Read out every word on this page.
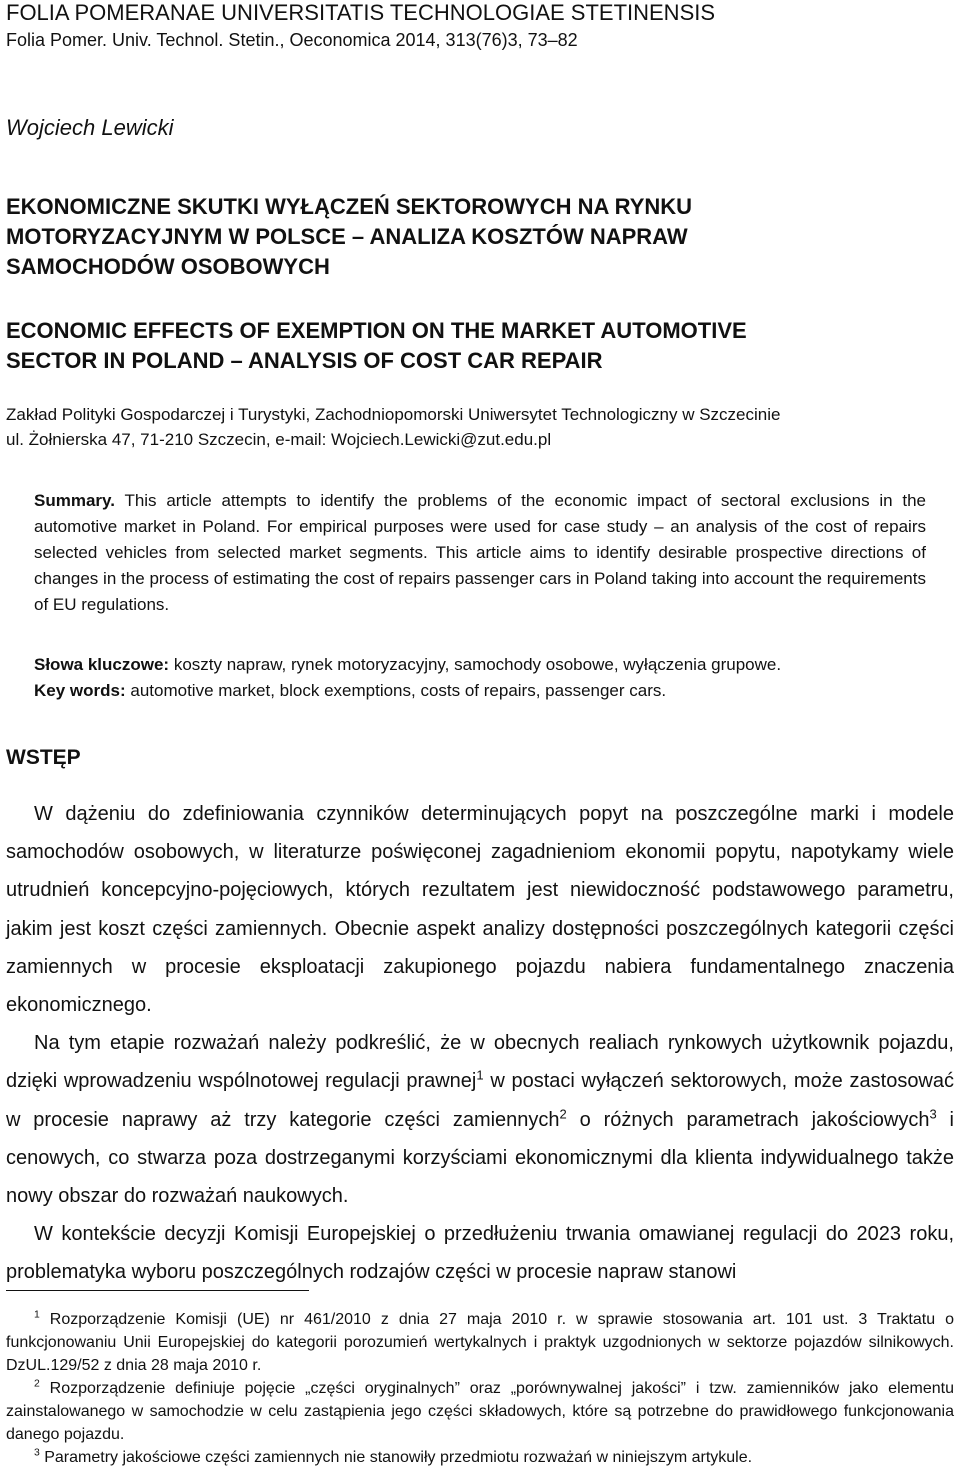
FOLIA POMERANAE UNIVERSITATIS TECHNOLOGIAE STETINENSIS
Folia Pomer. Univ. Technol. Stetin., Oeconomica 2014, 313(76)3, 73–82
Wojciech Lewicki
EKONOMICZNE SKUTKI WYŁĄCZEŃ SEKTOROWYCH NA RYNKU
MOTORYZACYJNYM W POLSCE – ANALIZA KOSZTÓW NAPRAW
SAMOCHODÓW OSOBOWYCH
ECONOMIC EFFECTS OF EXEMPTION ON THE MARKET AUTOMOTIVE
SECTOR IN POLAND – ANALYSIS OF COST CAR REPAIR
Zakład Polityki Gospodarczej i Turystyki, Zachodniopomorski Uniwersytet Technologiczny w Szczecinie
ul. Żołnierska 47, 71-210 Szczecin, e-mail: Wojciech.Lewicki@zut.edu.pl
Summary. This article attempts to identify the problems of the economic impact of sectoral exclusions in the automotive market in Poland. For empirical purposes were used for case study – an analysis of the cost of repairs selected vehicles from selected market segments. This article aims to identify desirable prospective directions of changes in the process of estimating the cost of repairs passenger cars in Poland taking into account the requirements of EU regulations.
Słowa kluczowe: koszty napraw, rynek motoryzacyjny, samochody osobowe, wyłączenia grupowe.
Key words: automotive market, block exemptions, costs of repairs, passenger cars.
WSTĘP

W dążeniu do zdefiniowania czynników determinujących popyt na poszczególne marki i modele samochodów osobowych, w literaturze poświęconej zagadnieniom ekonomii popytu, napotykamy wiele utrudnień koncepcyjno-pojęciowych, których rezultatem jest niewidoczność podstawowego parametru, jakim jest koszt części zamiennych. Obecnie aspekt analizy dostępności poszczególnych kategorii części zamiennych w procesie eksploatacji zakupionego pojazdu nabiera fundamentalnego znaczenia ekonomicznego.

Na tym etapie rozważań należy podkreślić, że w obecnych realiach rynkowych użytkownik pojazdu, dzięki wprowadzeniu wspólnotowej regulacji prawnej$^1$ w postaci wyłączeń sektorowych, może zastosować w procesie naprawy aż trzy kategorie części zamiennych$^2$ o różnych parametrach jakościowych$^3$ i cenowych, co stwarza poza dostrzeganymi korzyściami ekonomicznymi dla klienta indywidualnego także nowy obszar do rozważań naukowych.

W kontekście decyzji Komisji Europejskiej o przedłużeniu trwania omawianej regulacji do 2023 roku, problematyka wyboru poszczególnych rodzajów części w procesie napraw stanowi

$^1$ Rozporządzenie Komisji (UE) nr 461/2010 z dnia 27 maja 2010 r. w sprawie stosowania art. 101 ust. 3 Traktatu o funkcjonowaniu Unii Europejskiej do kategorii porozumień wertykalnych i praktyk uzgodnionych w sektorze pojazdów silnikowych. DzUL.129/52 z dnia 28 maja 2010 r.

$^2$ Rozporządzenie definiuje pojęcie „części oryginalnych” oraz „porównywalnej jakości” i tzw. zamienników jako elementu zainstalowanego w samochodzie w celu zastąpienia jego części składowych, które są potrzebne do prawidłowego funkcjonowania danego pojazdu.

$^3$ Parametry jakościowe części zamiennych nie stanowiły przedmiotu rozważań w niniejszym artykule.
